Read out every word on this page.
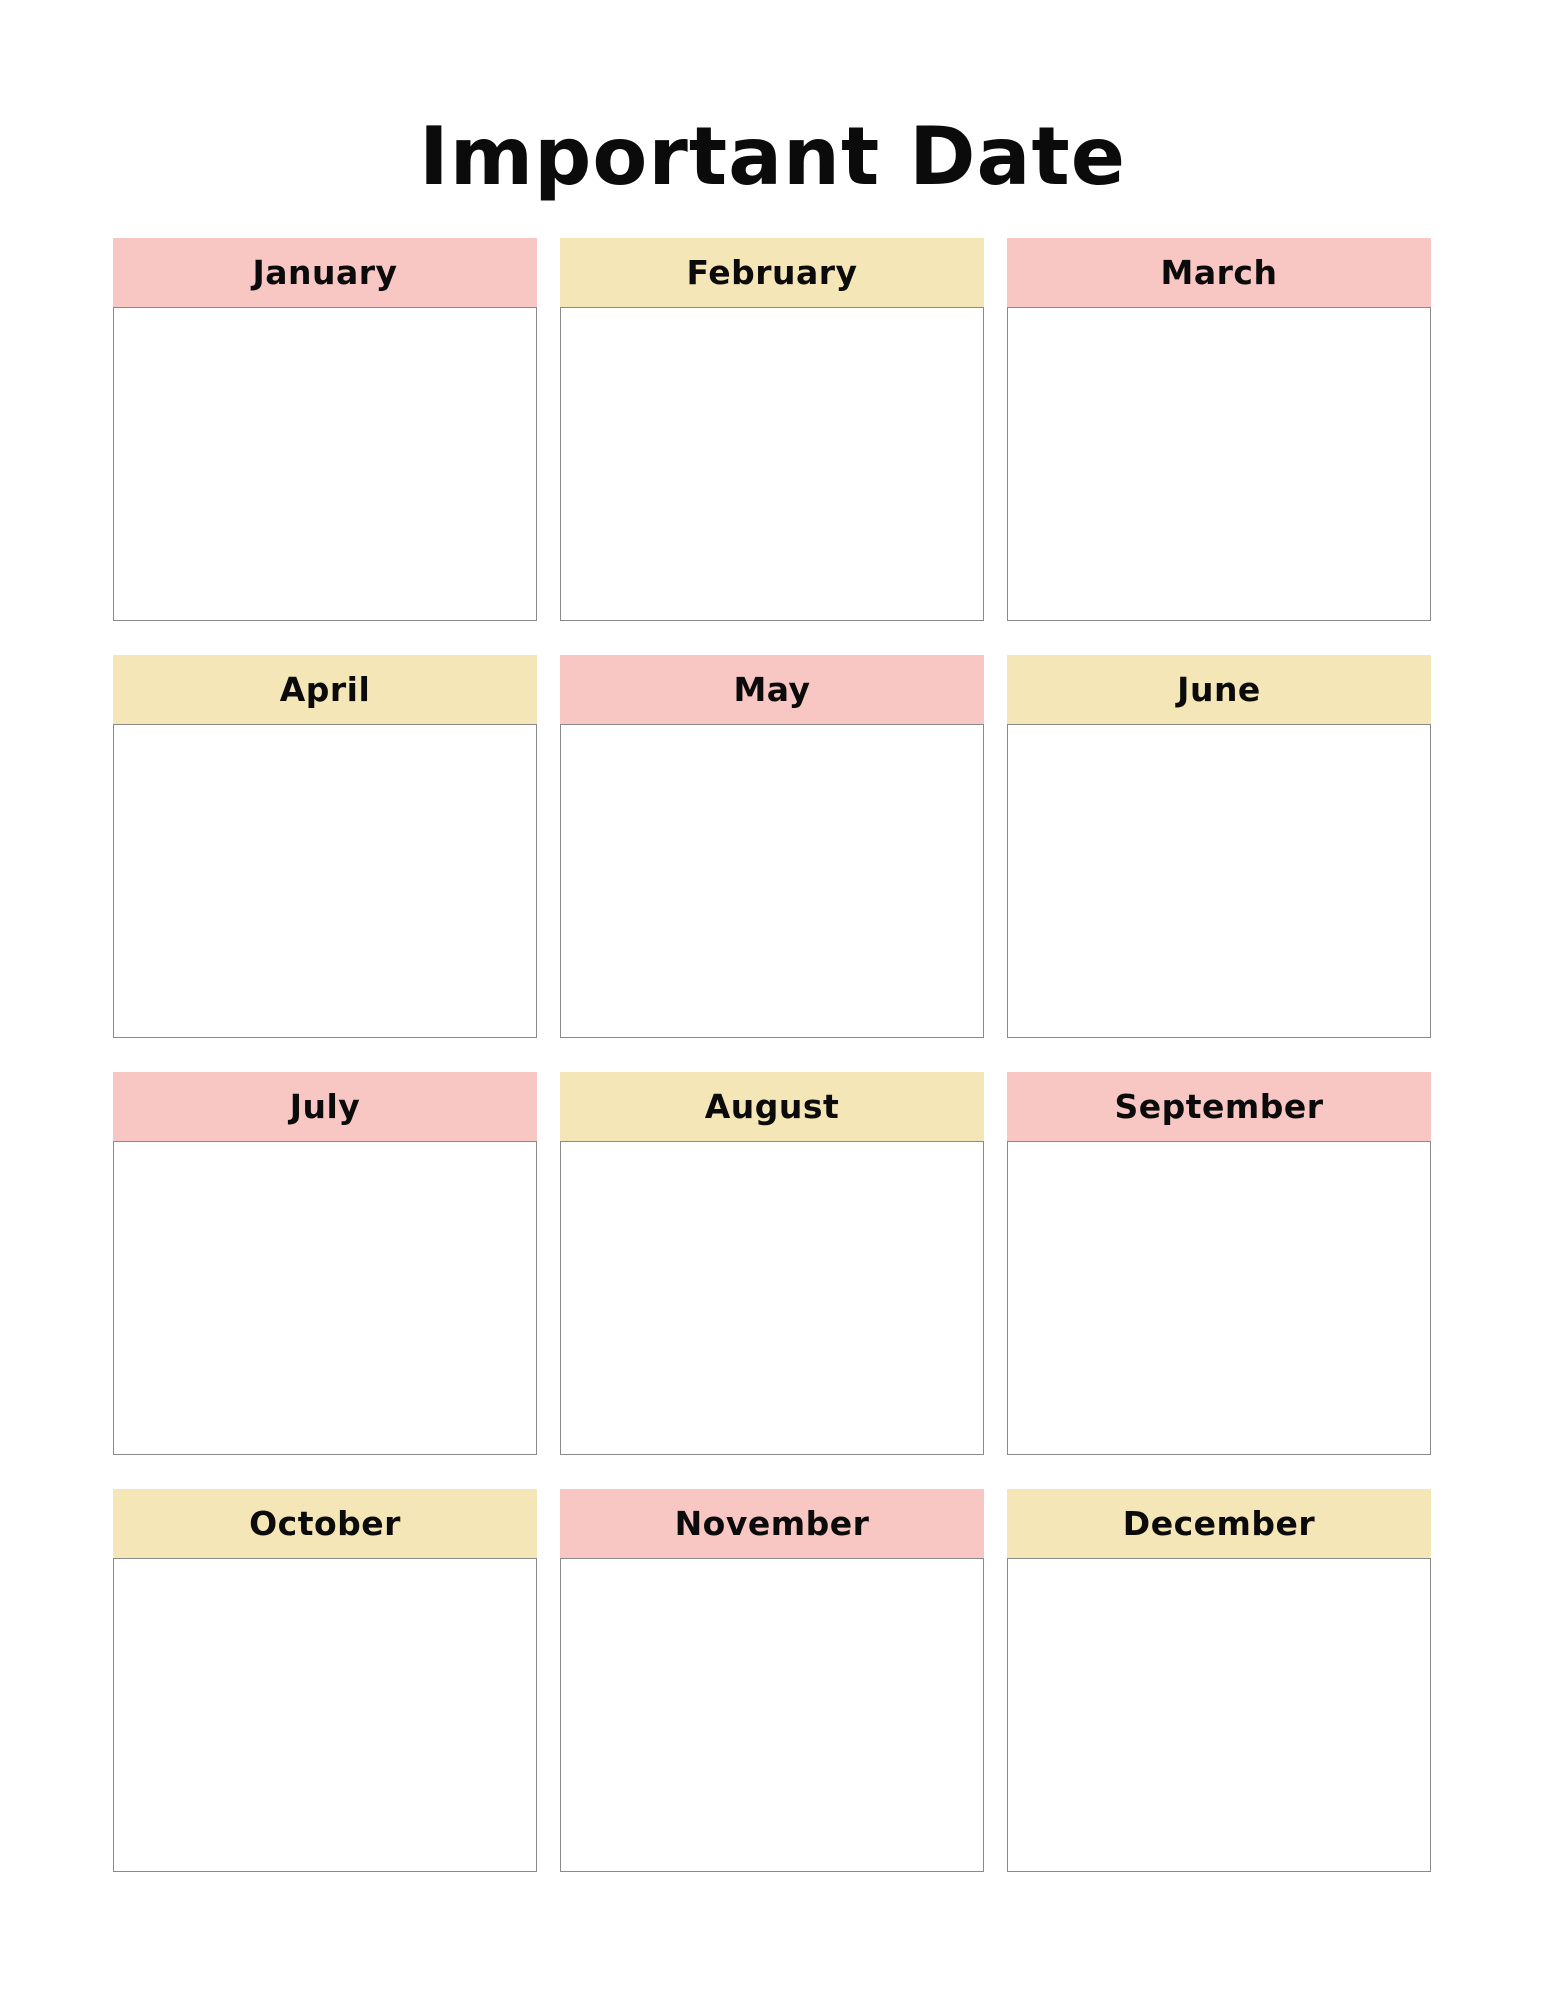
Important Date
January	February	March
April	May	June
July	August	September
October	November	December
